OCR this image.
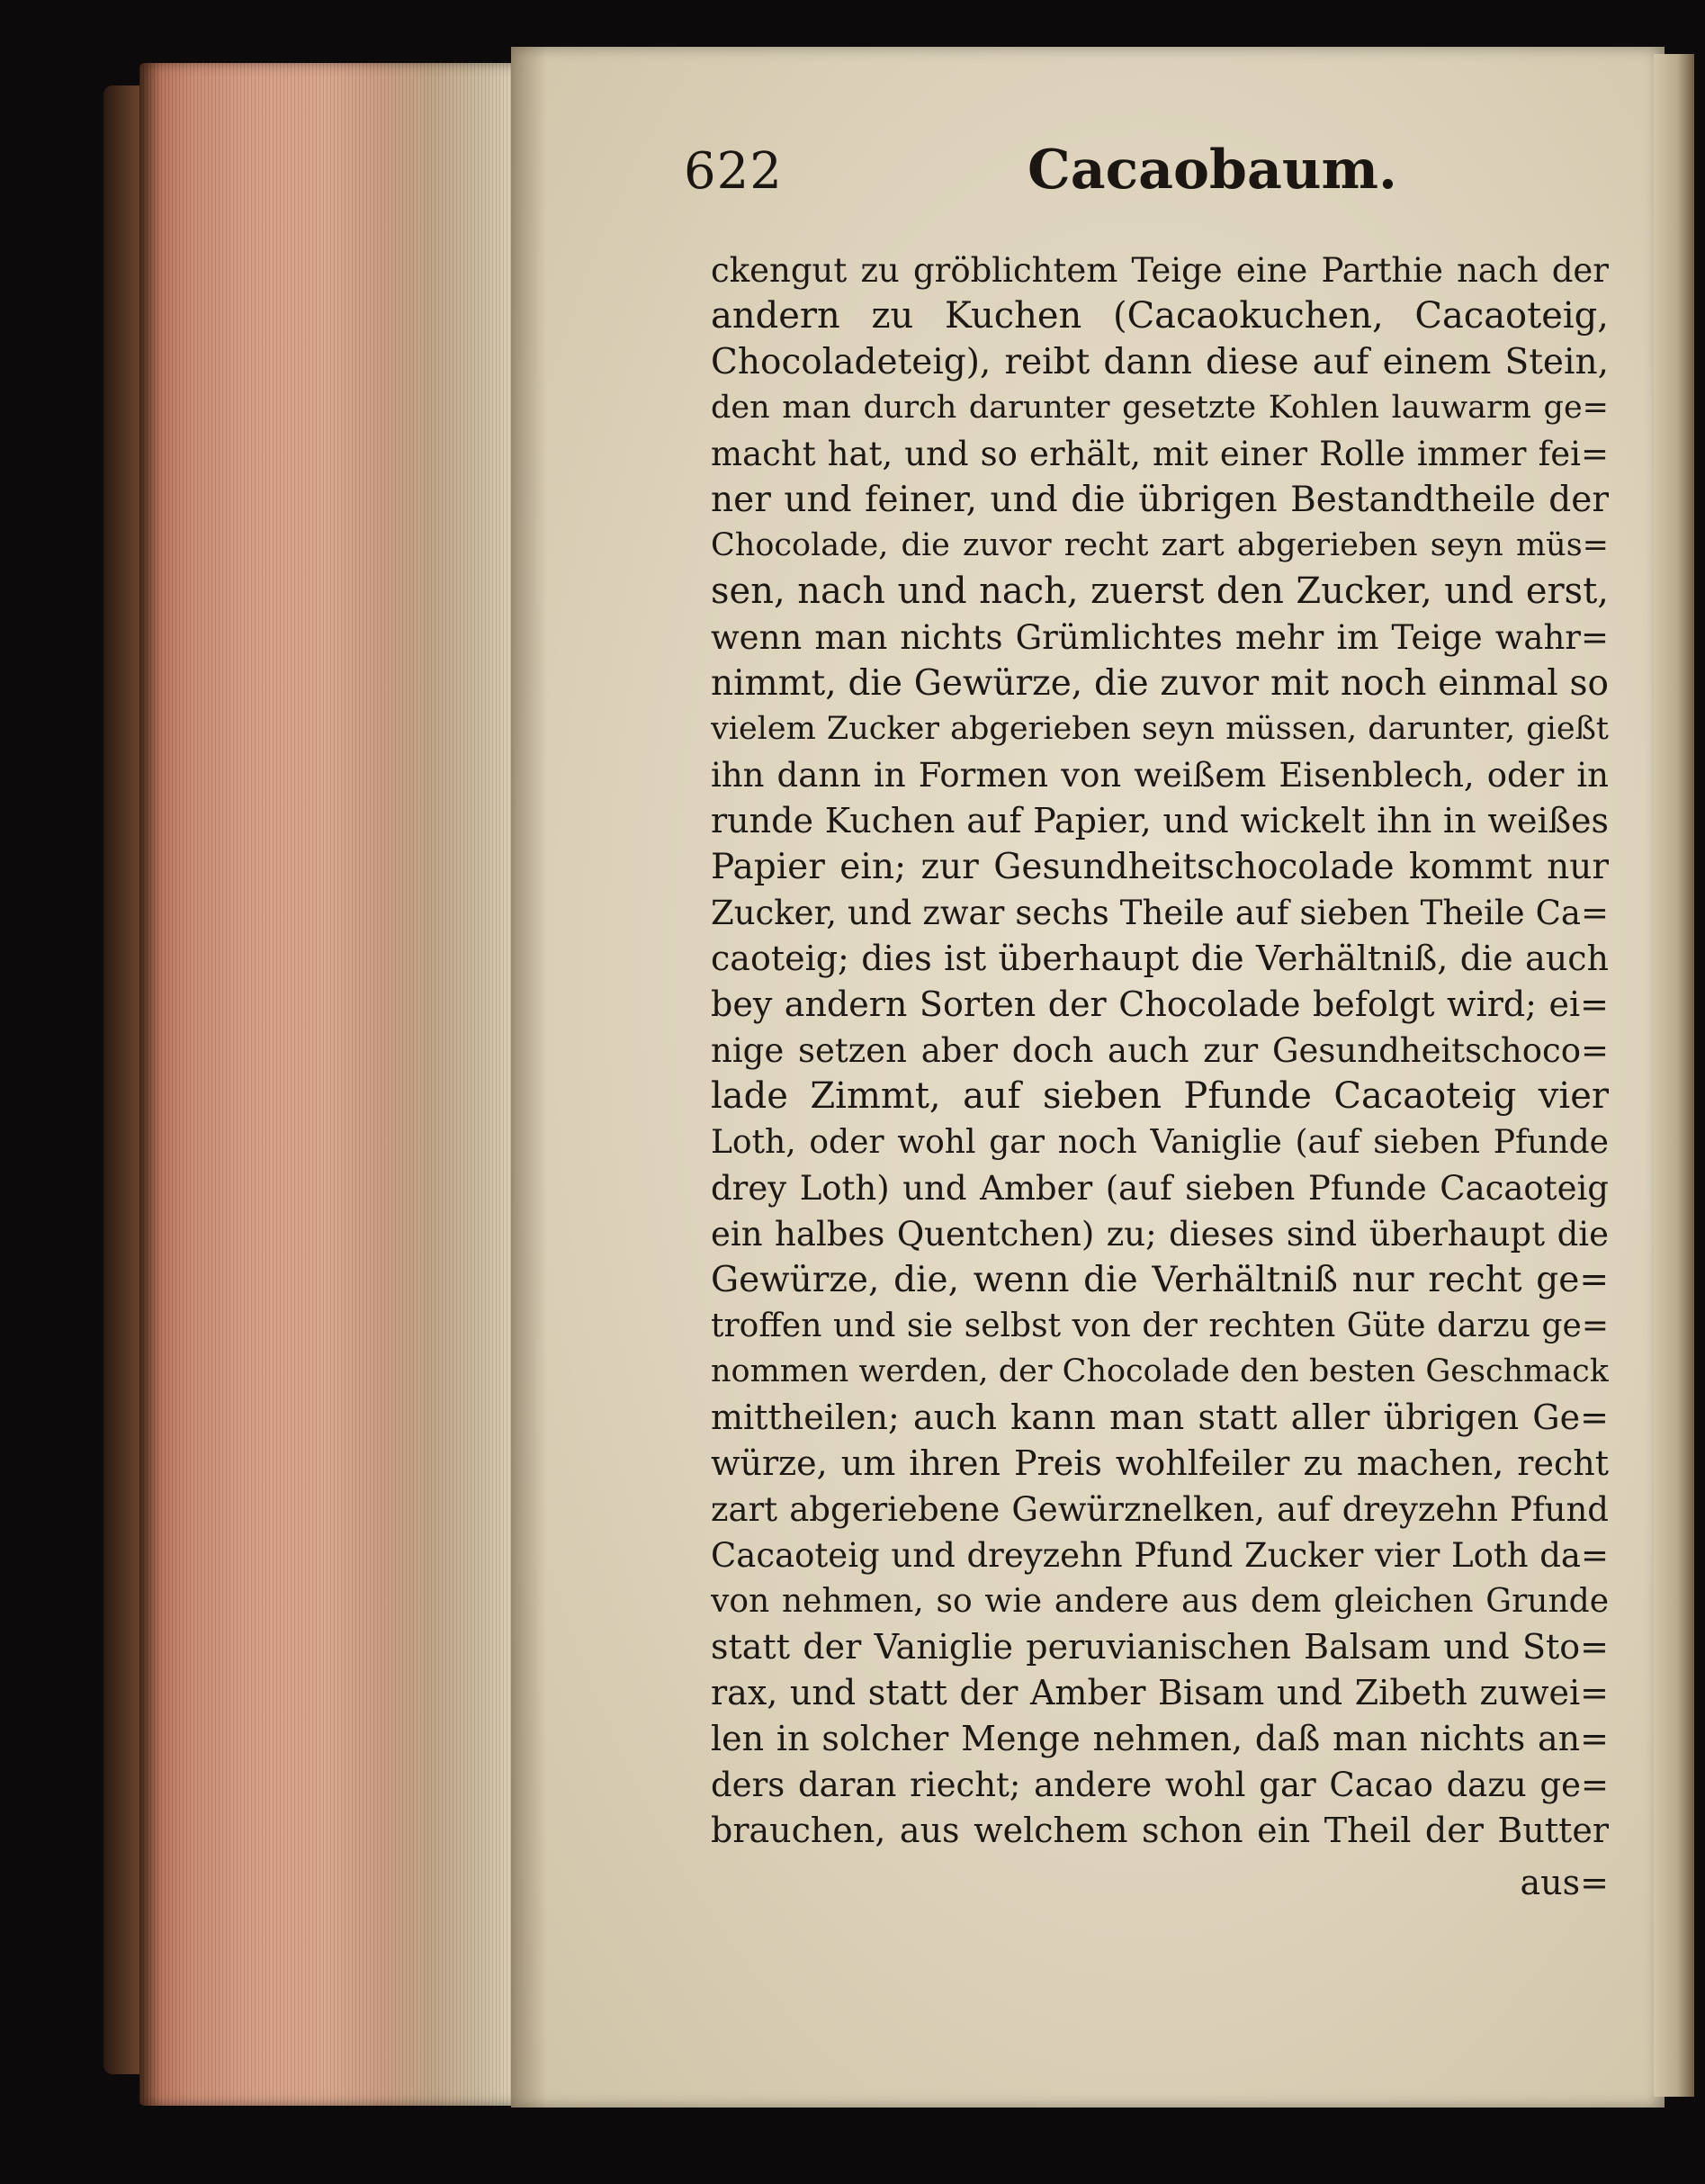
622	Cacaobaum.
ckengut zu gröblichtem Teige eine Parthie nach der
andern zu Kuchen (Cacaokuchen, Cacaoteig,
Chocoladeteig), reibt dann diese auf einem Stein,
den man durch darunter gesetzte Kohlen lauwarm ge=
macht hat, und so erhält, mit einer Rolle immer fei=
ner und feiner, und die übrigen Bestandtheile der
Chocolade, die zuvor recht zart abgerieben seyn müs=
sen, nach und nach, zuerst den Zucker, und erst,
wenn man nichts Grümlichtes mehr im Teige wahr=
nimmt, die Gewürze, die zuvor mit noch einmal so
vielem Zucker abgerieben seyn müssen, darunter, gießt
ihn dann in Formen von weißem Eisenblech, oder in
runde Kuchen auf Papier, und wickelt ihn in weißes
Papier ein; zur Gesundheitschocolade kommt nur
Zucker, und zwar sechs Theile auf sieben Theile Ca=
caoteig; dies ist überhaupt die Verhältniß, die auch
bey andern Sorten der Chocolade befolgt wird; ei=
nige setzen aber doch auch zur Gesundheitschoco=
lade Zimmt, auf sieben Pfunde Cacaoteig vier
Loth, oder wohl gar noch Vaniglie (auf sieben Pfunde
drey Loth) und Amber (auf sieben Pfunde Cacaoteig
ein halbes Quentchen) zu; dieses sind überhaupt die
Gewürze, die, wenn die Verhältniß nur recht ge=
troffen und sie selbst von der rechten Güte darzu ge=
nommen werden, der Chocolade den besten Geschmack
mittheilen; auch kann man statt aller übrigen Ge=
würze, um ihren Preis wohlfeiler zu machen, recht
zart abgeriebene Gewürznelken, auf dreyzehn Pfund
Cacaoteig und dreyzehn Pfund Zucker vier Loth da=
von nehmen, so wie andere aus dem gleichen Grunde
statt der Vaniglie peruvianischen Balsam und Sto=
rax, und statt der Amber Bisam und Zibeth zuwei=
len in solcher Menge nehmen, daß man nichts an=
ders daran riecht; andere wohl gar Cacao dazu ge=
brauchen, aus welchem schon ein Theil der Butter
aus=
